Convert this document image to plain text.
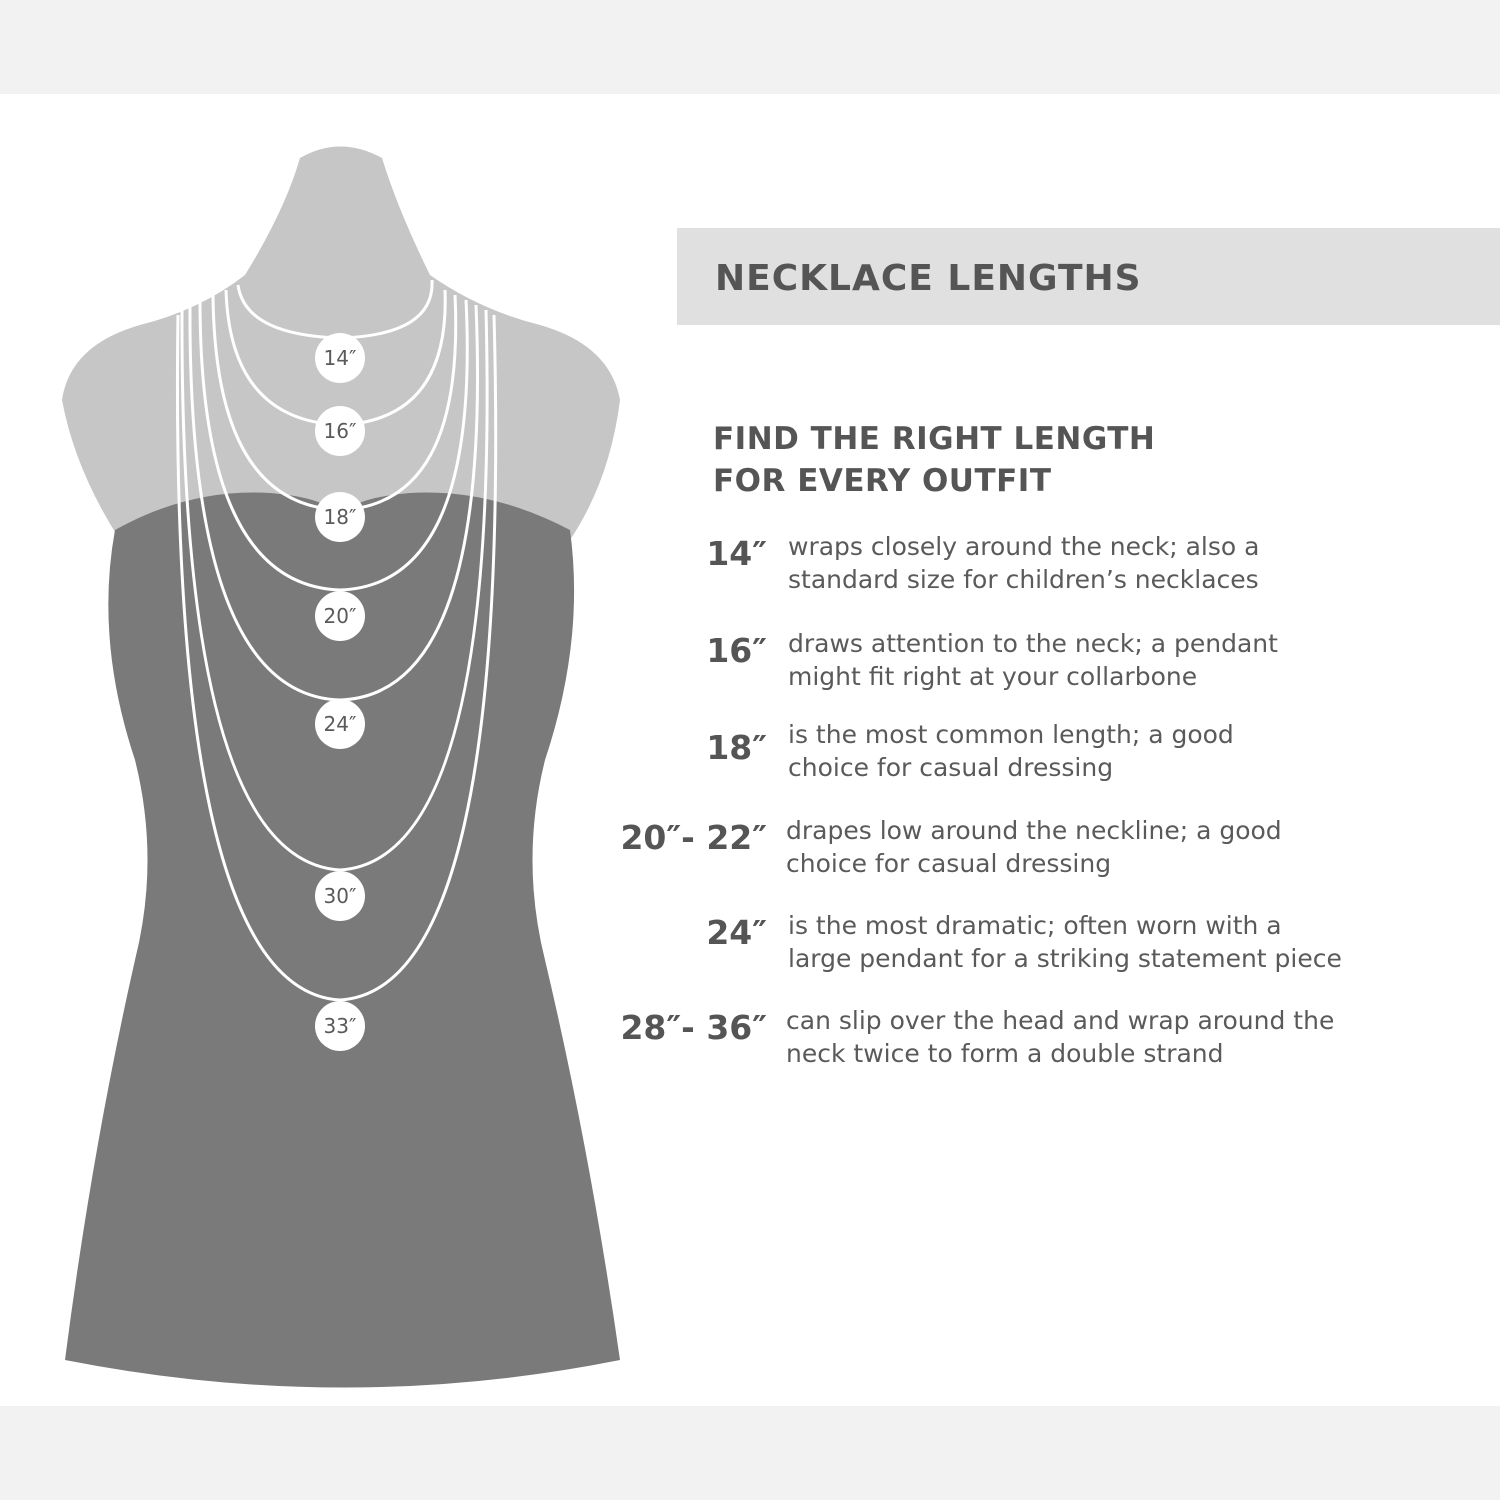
14″
16″
18″
20″
24″
30″
33″
NECKLACE LENGTHS
FIND THE RIGHT LENGTH
FOR EVERY OUTFIT
14″ wraps closely around the neck; also a
standard size for children’s necklaces
16″ draws attention to the neck; a pendant
might fit right at your collarbone
18″ is the most common length; a good
choice for casual dressing
20″- 22″ drapes low around the neckline; a good
choice for casual dressing
24″ is the most dramatic; often worn with a
large pendant for a striking statement piece
28″- 36″ can slip over the head and wrap around the
neck twice to form a double strand
